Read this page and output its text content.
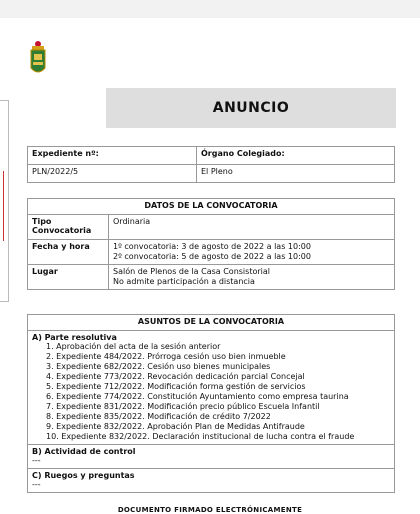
ANUNCIO
Expediente nº:	Órgano Colegiado:
PLN/2022/5	El Pleno
DATOS DE LA CONVOCATORIA	
Tipo Convocatoria	Ordinaria
Fecha y hora	1º convocatoria: 3 de agosto de 2022 a las 10:00
2º convocatoria: 5 de agosto de 2022 a las 10:00

Lugar	Salón de Plenos de la Casa Consistorial
No admite participación a distancia
ASUNTOS DE LA CONVOCATORIA

A) Parte resolutiva
1. Aprobación del acta de la sesión anterior
2. Expediente 484/2022. Prórroga cesión uso bien inmueble
3. Expediente 682/2022. Cesión uso bienes municipales
4. Expediente 773/2022. Revocación dedicación parcial Concejal
5. Expediente 712/2022. Modificación forma gestión de servicios
6. Expediente 774/2022. Constitución Ayuntamiento como empresa taurina
7. Expediente 831/2022. Modificación precio público Escuela Infantil
8. Expediente 835/2022. Modificación de crédito 7/2022
9. Expediente 832/2022. Aprobación Plan de Medidas Antifraude
10. Expediente 832/2022. Declaración institucional de lucha contra el fraude

B) Actividad de control
---

C) Ruegos y preguntas
---
DOCUMENTO FIRMADO ELECTRÓNICAMENTE
